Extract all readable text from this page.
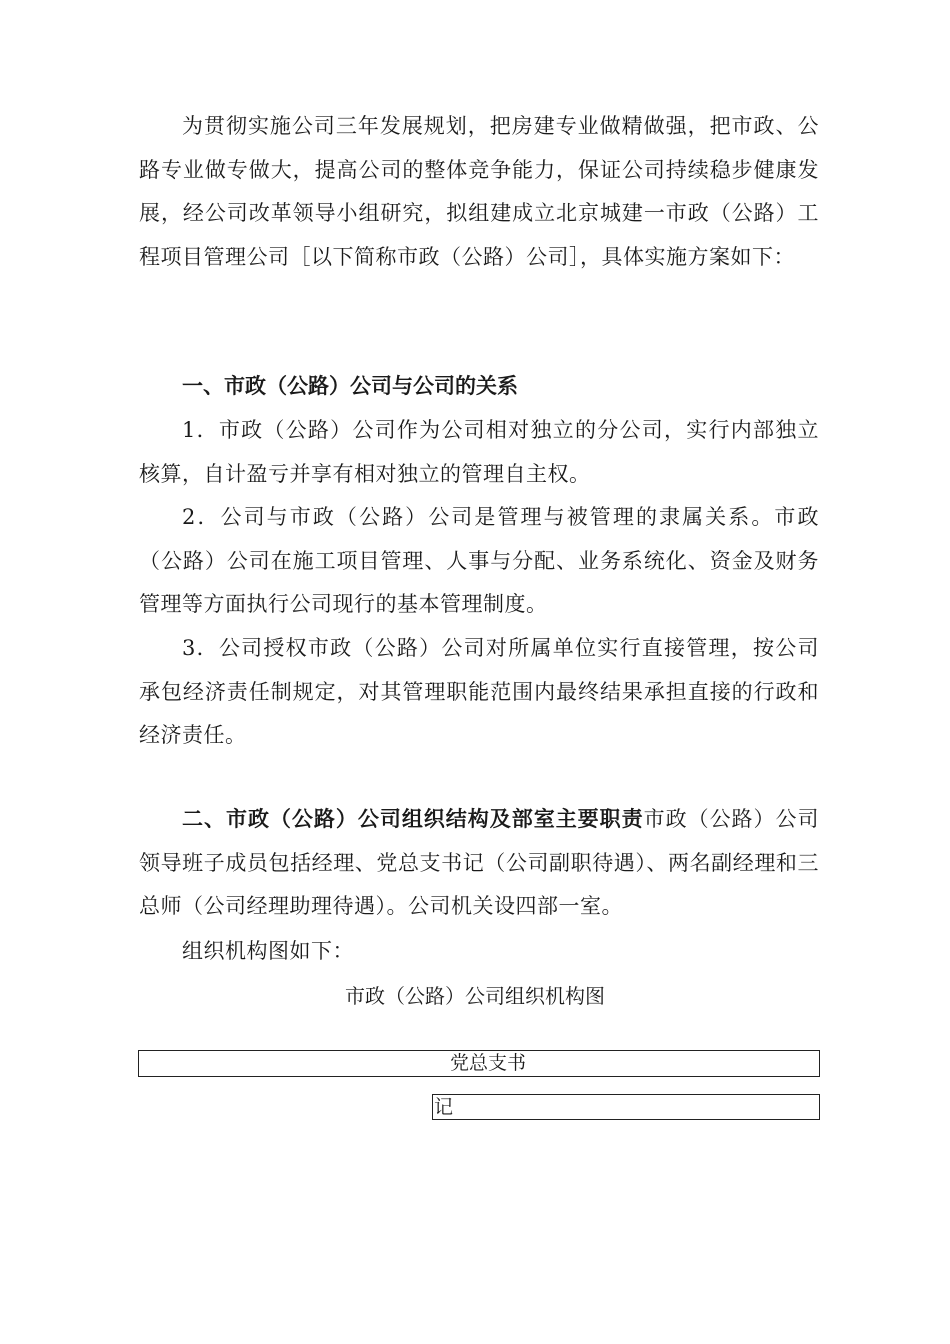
为贯彻实施公司三年发展规划，把房建专业做精做强，把市政、公路专业做专做大，提高公司的整体竞争能力，保证公司持续稳步健康发展，经公司改革领导小组研究，拟组建成立北京城建一市政（公路）工程项目管理公司［以下简称市政（公路）公司］，具体实施方案如下：

一、市政（公路）公司与公司的关系

1．市政（公路）公司作为公司相对独立的分公司，实行内部独立核算，自计盈亏并享有相对独立的管理自主权。

2．公司与市政（公路）公司是管理与被管理的隶属关系。市政（公路）公司在施工项目管理、人事与分配、业务系统化、资金及财务管理等方面执行公司现行的基本管理制度。

3．公司授权市政（公路）公司对所属单位实行直接管理，按公司承包经济责任制规定，对其管理职能范围内最终结果承担直接的行政和经济责任。

二、市政（公路）公司组织结构及部室主要职责市政（公路）公司领导班子成员包括经理、党总支书记（公司副职待遇）、两名副经理和三总师（公司经理助理待遇）。公司机关设四部一室。

组织机构图如下：

市政（公路）公司组织机构图

党总支书
记
